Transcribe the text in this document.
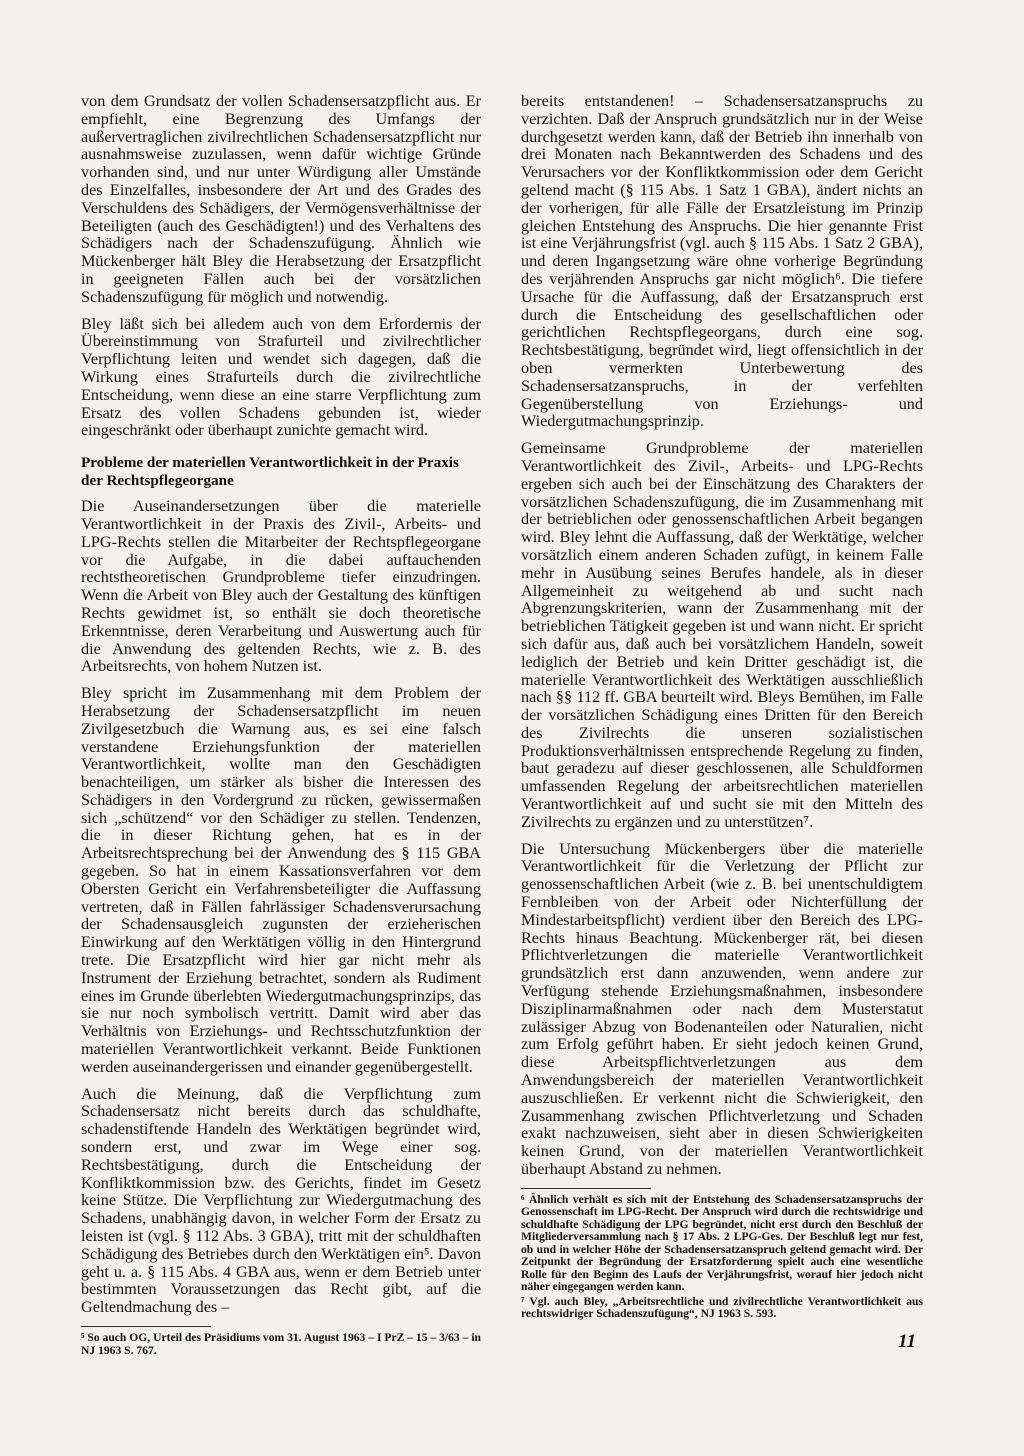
von dem Grundsatz der vollen Schadensersatzpflicht aus. Er empfiehlt, eine Begrenzung des Umfangs der außervertraglichen zivilrechtlichen Schadensersatzpflicht nur ausnahmsweise zuzulassen, wenn dafür wichtige Gründe vorhanden sind, und nur unter Würdigung aller Umstände des Einzelfalles, insbesondere der Art und des Grades des Verschuldens des Schädigers, der Vermögensverhältnisse der Beteiligten (auch des Geschädigten!) und des Verhaltens des Schädigers nach der Schadenszufügung. Ähnlich wie Mückenberger hält Bley die Herabsetzung der Ersatzpflicht in geeigneten Fällen auch bei der vorsätzlichen Schadenszufügung für möglich und notwendig.

Bley läßt sich bei alledem auch von dem Erfordernis der Übereinstimmung von Strafurteil und zivilrechtlicher Verpflichtung leiten und wendet sich dagegen, daß die Wirkung eines Strafurteils durch die zivilrechtliche Entscheidung, wenn diese an eine starre Verpflichtung zum Ersatz des vollen Schadens gebunden ist, wieder eingeschränkt oder überhaupt zunichte gemacht wird.

Probleme der materiellen Verantwortlichkeit in der Praxis der Rechtspflegeorgane

Die Auseinandersetzungen über die materielle Verantwortlichkeit in der Praxis des Zivil-, Arbeits- und LPG-Rechts stellen die Mitarbeiter der Rechtspflegeorgane vor die Aufgabe, in die dabei auftauchenden rechtstheoretischen Grundprobleme tiefer einzudringen. Wenn die Arbeit von Bley auch der Gestaltung des künftigen Rechts gewidmet ist, so enthält sie doch theoretische Erkenntnisse, deren Verarbeitung und Auswertung auch für die Anwendung des geltenden Rechts, wie z. B. des Arbeitsrechts, von hohem Nutzen ist.

Bley spricht im Zusammenhang mit dem Problem der Herabsetzung der Schadensersatzpflicht im neuen Zivilgesetzbuch die Warnung aus, es sei eine falsch verstandene Erziehungsfunktion der materiellen Verantwortlichkeit, wollte man den Geschädigten benachteiligen, um stärker als bisher die Interessen des Schädigers in den Vordergrund zu rücken, gewissermaßen sich „schützend“ vor den Schädiger zu stellen. Tendenzen, die in dieser Richtung gehen, hat es in der Arbeitsrechtsprechung bei der Anwendung des § 115 GBA gegeben. So hat in einem Kassationsverfahren vor dem Obersten Gericht ein Verfahrensbeteiligter die Auffassung vertreten, daß in Fällen fahrlässiger Schadensverursachung der Schadensausgleich zugunsten der erzieherischen Einwirkung auf den Werktätigen völlig in den Hintergrund trete. Die Ersatzpflicht wird hier gar nicht mehr als Instrument der Erziehung betrachtet, sondern als Rudiment eines im Grunde überlebten Wiedergutmachungsprinzips, das sie nur noch symbolisch vertritt. Damit wird aber das Verhältnis von Erziehungs- und Rechtsschutzfunktion der materiellen Verantwortlichkeit verkannt. Beide Funktionen werden auseinandergerissen und einander gegenübergestellt.

Auch die Meinung, daß die Verpflichtung zum Schadensersatz nicht bereits durch das schuldhafte, schadenstiftende Handeln des Werktätigen begründet wird, sondern erst, und zwar im Wege einer sog. Rechtsbestätigung, durch die Entscheidung der Konfliktkommission bzw. des Gerichts, findet im Gesetz keine Stütze. Die Verpflichtung zur Wiedergutmachung des Schadens, unabhängig davon, in welcher Form der Ersatz zu leisten ist (vgl. § 112 Abs. 3 GBA), tritt mit der schuldhaften Schädigung des Betriebes durch den Werktätigen ein⁵. Davon geht u. a. § 115 Abs. 4 GBA aus, wenn er dem Betrieb unter bestimmten Voraussetzungen das Recht gibt, auf die Geltendmachung des –

⁵ So auch OG, Urteil des Präsidiums vom 31. August 1963 – I PrZ – 15 – 3/63 – in NJ 1963 S. 767.

bereits entstandenen! – Schadensersatzanspruchs zu verzichten. Daß der Anspruch grundsätzlich nur in der Weise durchgesetzt werden kann, daß der Betrieb ihn innerhalb von drei Monaten nach Bekanntwerden des Schadens und des Verursachers vor der Konfliktkommission oder dem Gericht geltend macht (§ 115 Abs. 1 Satz 1 GBA), ändert nichts an der vorherigen, für alle Fälle der Ersatzleistung im Prinzip gleichen Entstehung des Anspruchs. Die hier genannte Frist ist eine Verjährungsfrist (vgl. auch § 115 Abs. 1 Satz 2 GBA), und deren Ingangsetzung wäre ohne vorherige Begründung des verjährenden Anspruchs gar nicht möglich⁶. Die tiefere Ursache für die Auffassung, daß der Ersatzanspruch erst durch die Entscheidung des gesellschaftlichen oder gerichtlichen Rechtspflegeorgans, durch eine sog. Rechtsbestätigung, begründet wird, liegt offensichtlich in der oben vermerkten Unterbewertung des Schadensersatzanspruchs, in der verfehlten Gegenüberstellung von Erziehungs- und Wiedergutmachungsprinzip.

Gemeinsame Grundprobleme der materiellen Verantwortlichkeit des Zivil-, Arbeits- und LPG-Rechts ergeben sich auch bei der Einschätzung des Charakters der vorsätzlichen Schadenszufügung, die im Zusammenhang mit der betrieblichen oder genossenschaftlichen Arbeit begangen wird. Bley lehnt die Auffassung, daß der Werktätige, welcher vorsätzlich einem anderen Schaden zufügt, in keinem Falle mehr in Ausübung seines Berufes handele, als in dieser Allgemeinheit zu weitgehend ab und sucht nach Abgrenzungskriterien, wann der Zusammenhang mit der betrieblichen Tätigkeit gegeben ist und wann nicht. Er spricht sich dafür aus, daß auch bei vorsätzlichem Handeln, soweit lediglich der Betrieb und kein Dritter geschädigt ist, die materielle Verantwortlichkeit des Werktätigen ausschließlich nach §§ 112 ff. GBA beurteilt wird. Bleys Bemühen, im Falle der vorsätzlichen Schädigung eines Dritten für den Bereich des Zivilrechts die unseren sozialistischen Produktionsverhältnissen entsprechende Regelung zu finden, baut geradezu auf dieser geschlossenen, alle Schuldformen umfassenden Regelung der arbeitsrechtlichen materiellen Verantwortlichkeit auf und sucht sie mit den Mitteln des Zivilrechts zu ergänzen und zu unterstützen⁷.

Die Untersuchung Mückenbergers über die materielle Verantwortlichkeit für die Verletzung der Pflicht zur genossenschaftlichen Arbeit (wie z. B. bei unentschuldigtem Fernbleiben von der Arbeit oder Nichterfüllung der Mindestarbeitspflicht) verdient über den Bereich des LPG-Rechts hinaus Beachtung. Mückenberger rät, bei diesen Pflichtverletzungen die materielle Verantwortlichkeit grundsätzlich erst dann anzuwenden, wenn andere zur Verfügung stehende Erziehungsmaßnahmen, insbesondere Disziplinarmaßnahmen oder nach dem Musterstatut zulässiger Abzug von Bodenanteilen oder Naturalien, nicht zum Erfolg geführt haben. Er sieht jedoch keinen Grund, diese Arbeitspflichtverletzungen aus dem Anwendungsbereich der materiellen Verantwortlichkeit auszuschließen. Er verkennt nicht die Schwierigkeit, den Zusammenhang zwischen Pflichtverletzung und Schaden exakt nachzuweisen, sieht aber in diesen Schwierigkeiten keinen Grund, von der materiellen Verantwortlichkeit überhaupt Abstand zu nehmen.

⁶ Ähnlich verhält es sich mit der Entstehung des Schadensersatzanspruchs der Genossenschaft im LPG-Recht. Der Anspruch wird durch die rechtswidrige und schuldhafte Schädigung der LPG begründet, nicht erst durch den Beschluß der Mitgliederversammlung nach § 17 Abs. 2 LPG-Ges. Der Beschluß legt nur fest, ob und in welcher Höhe der Schadensersatzanspruch geltend gemacht wird. Der Zeitpunkt der Begründung der Ersatzforderung spielt auch eine wesentliche Rolle für den Beginn des Laufs der Verjährungsfrist, worauf hier jedoch nicht näher eingegangen werden kann.

⁷ Vgl. auch Bley, „Arbeitsrechtliche und zivilrechtliche Verantwortlichkeit aus rechtswidriger Schadenszufügung“, NJ 1963 S. 593.

11
